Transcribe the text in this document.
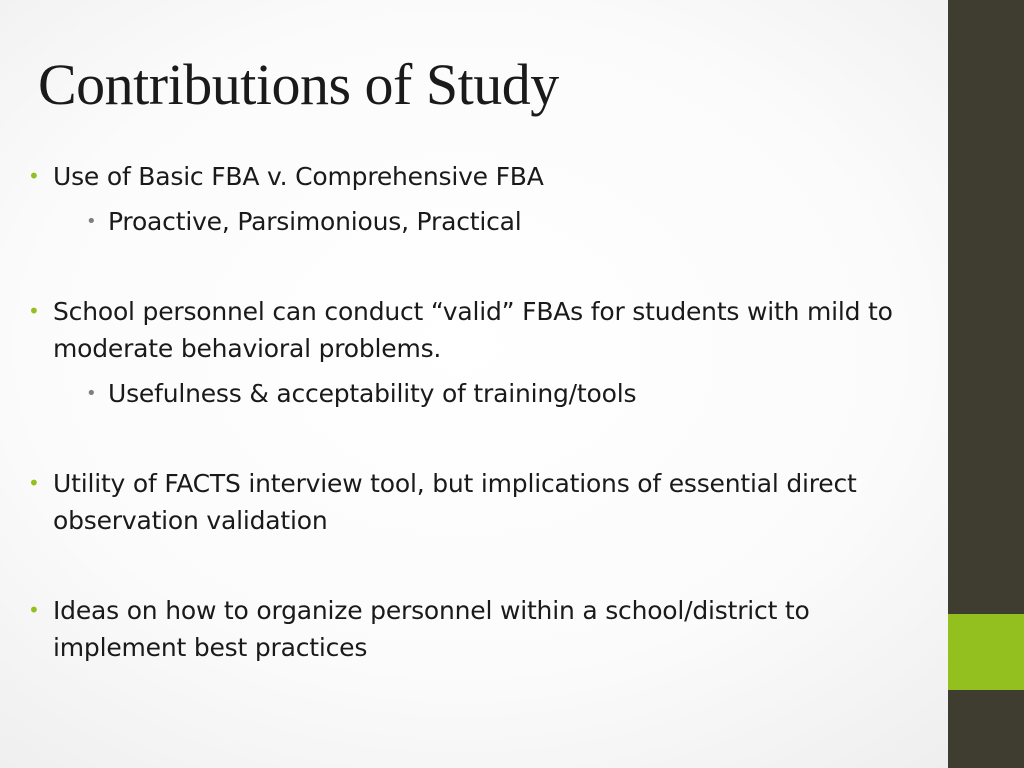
Contributions of Study
• Use of Basic FBA v. Comprehensive FBA
• Proactive, Parsimonious, Practical
• School personnel can conduct “valid” FBAs for students with mild to moderate behavioral problems.
• Usefulness & acceptability of training/tools
• Utility of FACTS interview tool, but implications of essential direct observation validation
• Ideas on how to organize personnel within a school/district to implement best practices
